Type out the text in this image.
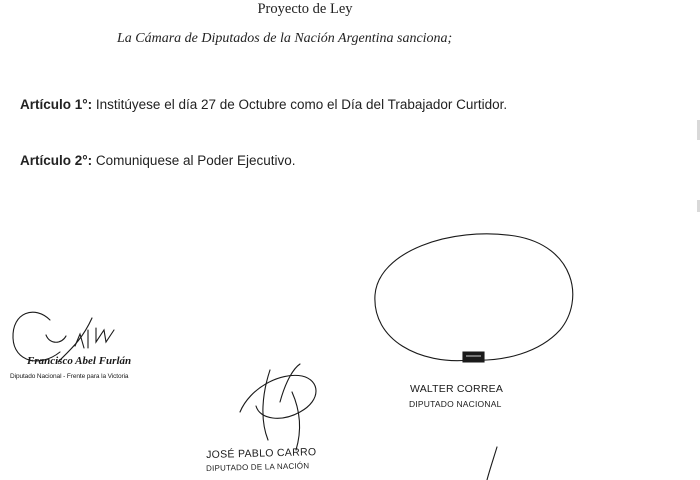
Proyecto de Ley
La Cámara de Diputados de la Nación Argentina sanciona;
Artículo 1°: Institúyese el día 27 de Octubre como el Día del Trabajador Curtidor.
Artículo 2°: Comuniquese al Poder Ejecutivo.
Francisco Abel Furlán
Diputado Nacional - Frente para la Victoria
WALTER CORREA
DIPUTADO NACIONAL
JOSÉ PABLO CARRO
DIPUTADO DE LA NACIÓN
